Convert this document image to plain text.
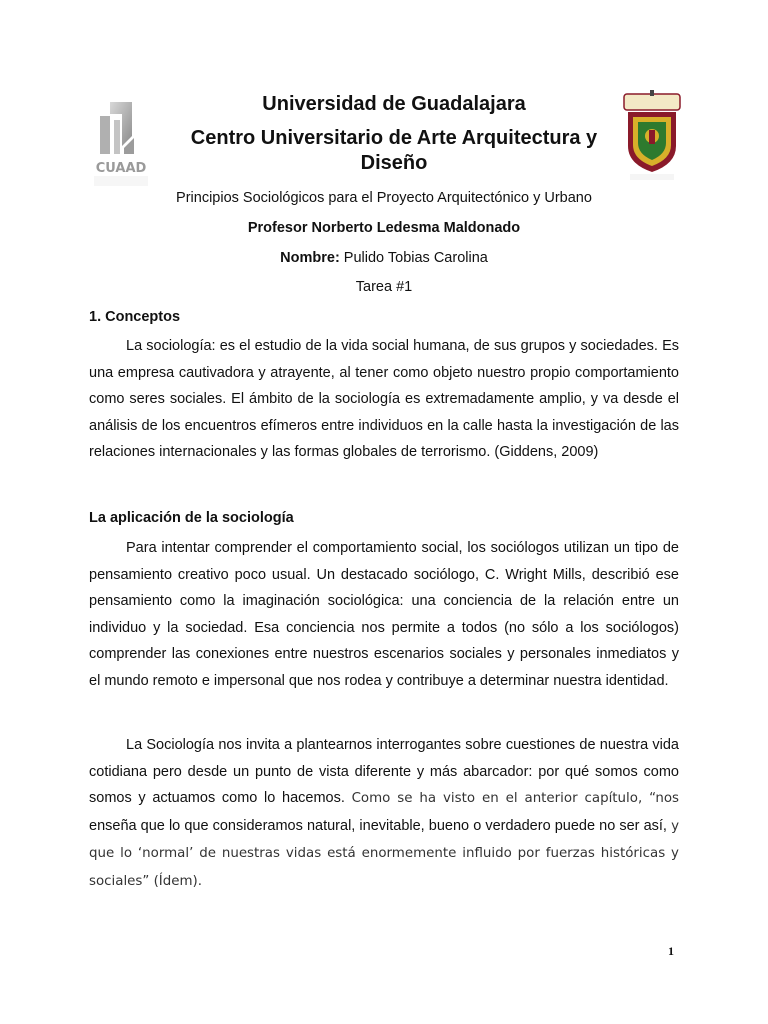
CUAAD
Universidad de Guadalajara
Centro Universitario de Arte Arquitectura y Diseño
Principios Sociológicos para el Proyecto Arquitectónico y Urbano
Profesor Norberto Ledesma Maldonado
Nombre: Pulido Tobias Carolina
Tarea #1
1. Conceptos

La sociología: es el estudio de la vida social humana, de sus grupos y sociedades. Es una empresa cautivadora y atrayente, al tener como objeto nuestro propio comportamiento como seres sociales. El ámbito de la sociología es extremadamente amplio, y va desde el análisis de los encuentros efímeros entre individuos en la calle hasta la investigación de las relaciones internacionales y las formas globales de terrorismo. (Giddens, 2009)

La aplicación de la sociología

Para intentar comprender el comportamiento social, los sociólogos utilizan un tipo de pensamiento creativo poco usual. Un destacado sociólogo, C. Wright Mills, describió ese pensamiento como la imaginación sociológica: una conciencia de la relación entre un individuo y la sociedad. Esa conciencia nos permite a todos (no sólo a los sociólogos) comprender las conexiones entre nuestros escenarios sociales y personales inmediatos y el mundo remoto e impersonal que nos rodea y contribuye a determinar nuestra identidad.

La Sociología nos invita a plantearnos interrogantes sobre cuestiones de nuestra vida cotidiana pero desde un punto de vista diferente y más abarcador: por qué somos como somos y actuamos como lo hacemos. Como se ha visto en el anterior capítulo, “nos enseña que lo que consideramos natural, inevitable, bueno o verdadero puede no ser así, y que lo ‘normal’ de nuestras vidas está enormemente influido por fuerzas históricas y sociales” (Ídem).

1
